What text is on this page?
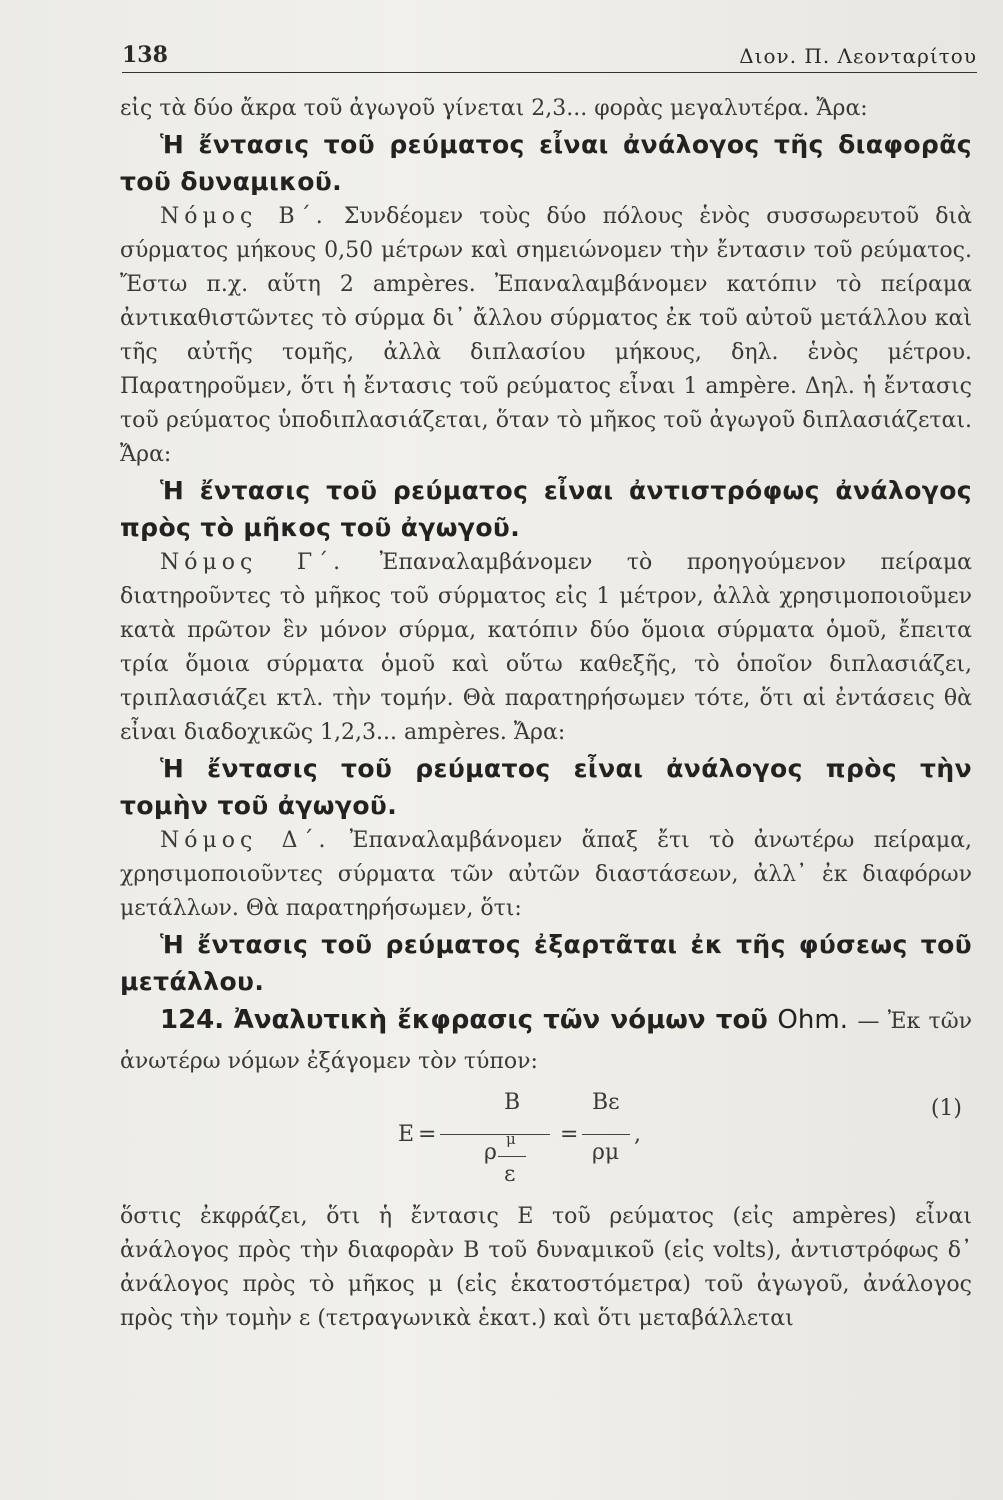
138	Διον. Π. Λεονταρίτου

εἰς τὰ δύο ἄκρα τοῦ ἀγωγοῦ γίνεται 2,3... φορὰς μεγαλυτέρα. Ἄρα:

Ἡ ἔντασις τοῦ ρεύματος εἶναι ἀνάλογος τῆς διαφορᾶς τοῦ δυναμικοῦ.

Νόμος Β΄. Συνδέομεν τοὺς δύο πόλους ἑνὸς συσσωρευτοῦ διὰ σύρματος μήκους 0,50 μέτρων καὶ σημειώνομεν τὴν ἔντασιν τοῦ ρεύματος. Ἔστω π.χ. αὕτη 2 ampères. Ἐπαναλαμβάνομεν κατόπιν τὸ πείραμα ἀντικαθιστῶντες τὸ σύρμα δι᾽ ἄλλου σύρματος ἐκ τοῦ αὐτοῦ μετάλλου καὶ τῆς αὐτῆς τομῆς, ἀλλὰ διπλασίου μήκους, δηλ. ἑνὸς μέτρου. Παρατηροῦμεν, ὅτι ἡ ἔντασις τοῦ ρεύματος εἶναι 1 ampère. Δηλ. ἡ ἔντασις τοῦ ρεύματος ὑποδιπλασιάζεται, ὅταν τὸ μῆκος τοῦ ἀγωγοῦ διπλασιάζεται. Ἄρα:

Ἡ ἔντασις τοῦ ρεύματος εἶναι ἀντιστρόφως ἀνάλογος πρὸς τὸ μῆκος τοῦ ἀγωγοῦ.

Νόμος Γ΄. Ἐπαναλαμβάνομεν τὸ προηγούμενον πείραμα διατηροῦντες τὸ μῆκος τοῦ σύρματος εἰς 1 μέτρον, ἀλλὰ χρησιμοποιοῦμεν κατὰ πρῶτον ἓν μόνον σύρμα, κατόπιν δύο ὅμοια σύρματα ὁμοῦ, ἔπειτα τρία ὅμοια σύρματα ὁμοῦ καὶ οὕτω καθεξῆς, τὸ ὁποῖον διπλασιάζει, τριπλασιάζει κτλ. τὴν τομήν. Θὰ παρατηρήσωμεν τότε, ὅτι αἱ ἐντάσεις θὰ εἶναι διαδοχικῶς 1,2,3... ampères. Ἄρα:

Ἡ ἔντασις τοῦ ρεύματος εἶναι ἀνάλογος πρὸς τὴν τομὴν τοῦ ἀγωγοῦ.

Νόμος Δ΄. Ἐπαναλαμβάνομεν ἅπαξ ἔτι τὸ ἀνωτέρω πείραμα, χρησιμοποιοῦντες σύρματα τῶν αὐτῶν διαστάσεων, ἀλλ᾽ ἐκ διαφόρων μετάλλων. Θὰ παρατηρήσωμεν, ὅτι:

Ἡ ἔντασις τοῦ ρεύματος ἐξαρτᾶται ἐκ τῆς φύσεως τοῦ μετάλλου.

124. Ἀναλυτικὴ ἔκφρασις τῶν νόμων τοῦ Ohm. — Ἐκ τῶν ἀνωτέρω νόμων ἐξάγομεν τὸν τύπον:

E =
B
ρ
μ
ε
=
Bε
ρμ
,
(1)

ὅστις ἐκφράζει, ὅτι ἡ ἔντασις E τοῦ ρεύματος (εἰς ampères) εἶναι ἀνάλογος πρὸς τὴν διαφορὰν B τοῦ δυναμικοῦ (εἰς volts), ἀντιστρόφως δ᾽ ἀνάλογος πρὸς τὸ μῆκος μ (εἰς ἑκατοστόμετρα) τοῦ ἀγωγοῦ, ἀνάλογος πρὸς τὴν τομὴν ε (τετραγωνικὰ ἑκατ.) καὶ ὅτι μεταβάλλεται
